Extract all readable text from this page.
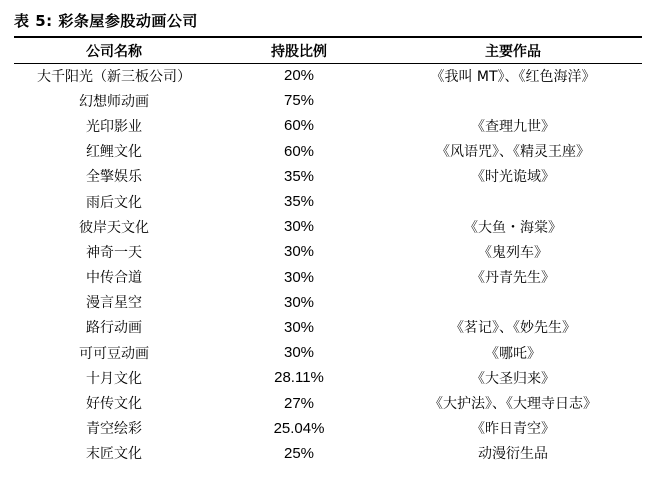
表 5: 彩条屋参股动画公司
公司名称	持股比例	主要作品
大千阳光（新三板公司）	20%	《我叫 MT》、《红色海洋》
幻想师动画	75%	
光印影业	60%	《查理九世》
红鲤文化	60%	《风语咒》、《精灵王座》
全擎娱乐	35%	《时光诡域》
雨后文化	35%	
彼岸天文化	30%	《大鱼・海棠》
神奇一天	30%	《鬼列车》
中传合道	30%	《丹青先生》
漫言星空	30%	
路行动画	30%	《茗记》、《妙先生》
可可豆动画	30%	《哪吒》
十月文化	28.11%	《大圣归来》
好传文化	27%	《大护法》、《大理寺日志》
青空绘彩	25.04%	《昨日青空》
末匠文化	25%	动漫衍生品
